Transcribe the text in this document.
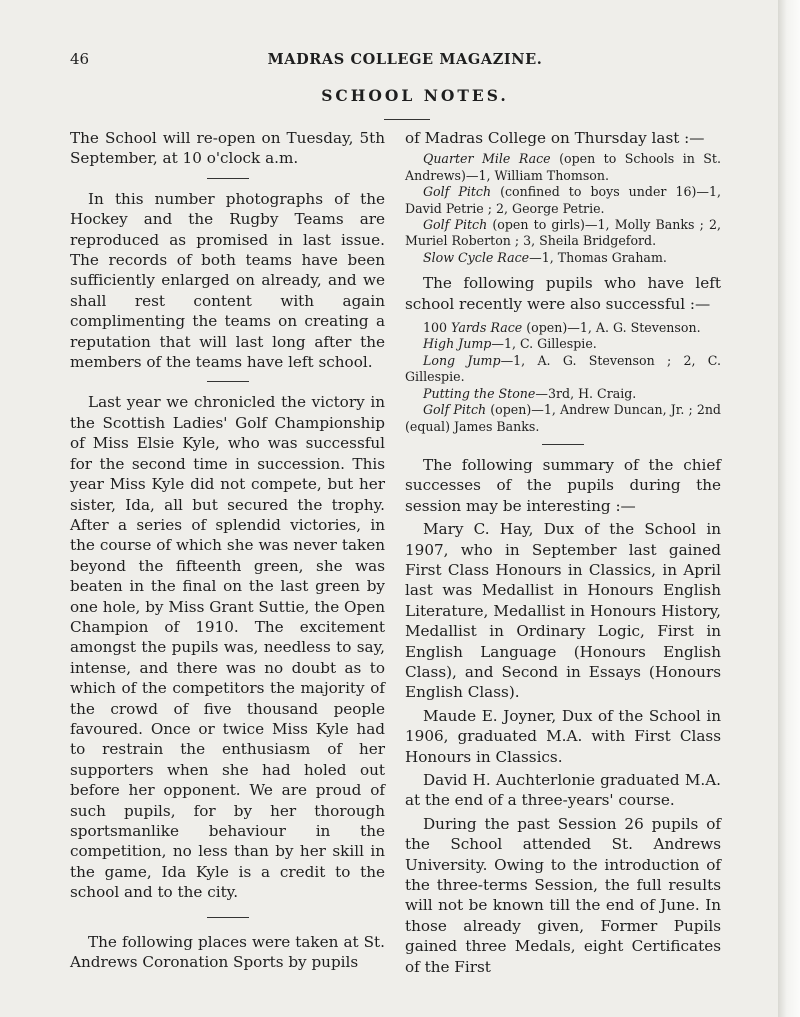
46	MADRAS COLLEGE MAGAZINE.
SCHOOL NOTES.

The School will re-open on Tuesday, 5th September, at 10 o'clock a.m.

In this number photographs of the Hockey and the Rugby Teams are reproduced as promised in last issue. The records of both teams have been sufficiently enlarged on already, and we shall rest content with again complimenting the teams on creating a reputation that will last long after the members of the teams have left school.

Last year we chronicled the victory in the Scottish Ladies' Golf Championship of Miss Elsie Kyle, who was successful for the second time in succession. This year Miss Kyle did not compete, but her sister, Ida, all but secured the trophy. After a series of splendid victories, in the course of which she was never taken beyond the fifteenth green, she was beaten in the final on the last green by one hole, by Miss Grant Suttie, the Open Champion of 1910. The excitement amongst the pupils was, needless to say, intense, and there was no doubt as to which of the competitors the majority of the crowd of five thousand people favoured. Once or twice Miss Kyle had to restrain the enthusiasm of her supporters when she had holed out before her opponent. We are proud of such pupils, for by her thorough sportsmanlike behaviour in the competition, no less than by her skill in the game, Ida Kyle is a credit to the school and to the city.

The following places were taken at St. Andrews Coronation Sports by pupils

of Madras College on Thursday last :—

Quarter Mile Race (open to Schools in St. Andrews)—1, William Thomson.

Golf Pitch (confined to boys under 16)—1, David Petrie ; 2, George Petrie.

Golf Pitch (open to girls)—1, Molly Banks ; 2, Muriel Roberton ; 3, Sheila Bridgeford.

Slow Cycle Race—1, Thomas Graham.

The following pupils who have left school recently were also successful :—

100 Yards Race (open)—1, A. G. Stevenson.

High Jump—1, C. Gillespie.

Long Jump—1, A. G. Stevenson ; 2, C. Gillespie.

Putting the Stone—3rd, H. Craig.

Golf Pitch (open)—1, Andrew Duncan, Jr. ; 2nd (equal) James Banks.

The following summary of the chief successes of the pupils during the session may be interesting :—

Mary C. Hay, Dux of the School in 1907, who in September last gained First Class Honours in Classics, in April last was Medallist in Honours English Literature, Medallist in Honours History, Medallist in Ordinary Logic, First in English Language (Honours English Class), and Second in Essays (Honours English Class).

Maude E. Joyner, Dux of the School in 1906, graduated M.A. with First Class Honours in Classics.

David H. Auchterlonie graduated M.A. at the end of a three-years' course.

During the past Session 26 pupils of the School attended St. Andrews University. Owing to the introduction of the three-terms Session, the full results will not be known till the end of June. In those already given, Former Pupils gained three Medals, eight Certificates of the First
